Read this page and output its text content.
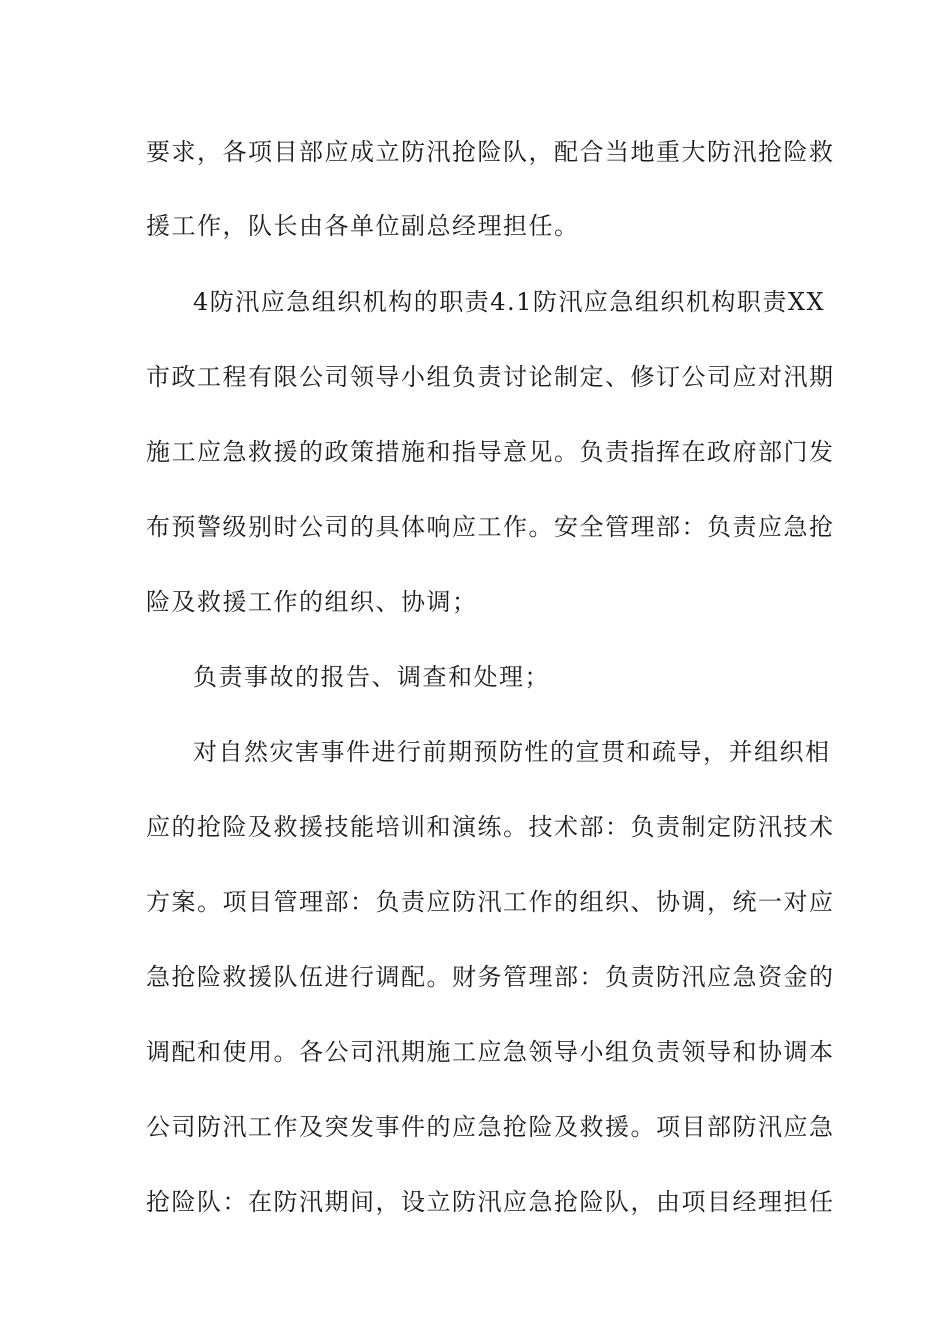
要求，各项目部应成立防汛抢险队，配合当地重大防汛抢险救
援工作，队长由各单位副总经理担任。
4防汛应急组织机构的职责4.1防汛应急组织机构职责XX
市政工程有限公司领导小组负责讨论制定、修订公司应对汛期
施工应急救援的政策措施和指导意见。负责指挥在政府部门发
布预警级别时公司的具体响应工作。安全管理部：负责应急抢
险及救援工作的组织、协调；
负责事故的报告、调查和处理；
对自然灾害事件进行前期预防性的宣贯和疏导，并组织相
应的抢险及救援技能培训和演练。技术部：负责制定防汛技术
方案。项目管理部：负责应防汛工作的组织、协调，统一对应
急抢险救援队伍进行调配。财务管理部：负责防汛应急资金的
调配和使用。各公司汛期施工应急领导小组负责领导和协调本
公司防汛工作及突发事件的应急抢险及救援。项目部防汛应急
抢险队：在防汛期间，设立防汛应急抢险队，由项目经理担任
